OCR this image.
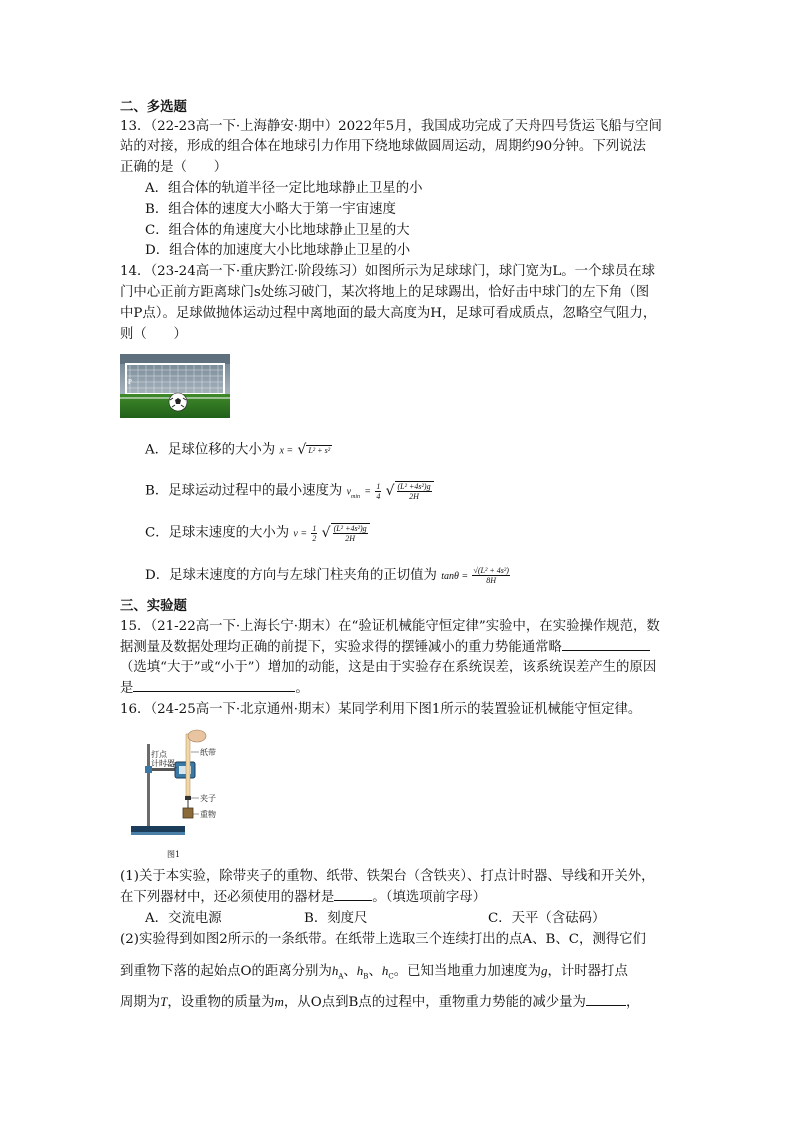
二、多选题
13．（22-23高一下·上海静安·期中）2022年5月，我国成功完成了天舟四号货运飞船与空间
站的对接，形成的组合体在地球引力作用下绕地球做圆周运动，周期约90分钟。下列说法
正确的是（　　）
A．组合体的轨道半径一定比地球静止卫星的小
B．组合体的速度大小略大于第一宇宙速度
C．组合体的角速度大小比地球静止卫星的大
D．组合体的加速度大小比地球静止卫星的小
14．（23-24高一下·重庆黔江·阶段练习）如图所示为足球球门，球门宽为L。一个球员在球
门中心正前方距离球门s处练习破门，某次将地上的足球踢出，恰好击中球门的左下角（图
中P点）。足球做抛体运动过程中离地面的最大高度为H，足球可看成质点，忽略空气阻力，
则（　　）
P
A．足球位移的大小为 x = √ L² + s²
B．足球运动过程中的最小速度为 $v_{min} = \frac{1}{4}$ √ $\frac{\text{(L² +4s²)g}}{2H}$
C．足球末速度的大小为 $v = \frac{1}{2}$ √ $\frac{\text{(L² +4s²)g}}{2H}$
D．足球末速度的方向与左球门柱夹角的正切值为 $\tan\theta = \frac{\text{√(L² + 4s²)}}{8H}$
三、实验题
15．（21-22高一下·上海长宁·期末）在“验证机械能守恒定律”实验中，在实验操作规范，数
据测量及数据处理均正确的前提下，实验求得的摆锤减小的重力势能通常略
（选填“大于”或“小于”）增加的动能，这是由于实验存在系统误差，该系统误差产生的原因
是	。
16．（24-25高一下·北京通州·期末）某同学利用下图1所示的装置验证机械能守恒定律。
打点
计时器
纸带
夹子
重物
图1
(1)关于本实验，除带夹子的重物、纸带、铁架台（含铁夹）、打点计时器、导线和开关外，
在下列器材中，还必须使用的器材是	。（填选项前字母）
A．交流电源	B．刻度尺	C．天平（含砝码）
(2)实验得到如图2所示的一条纸带。在纸带上选取三个连续打出的点A、B、C，测得它们
到重物下落的起始点O的距离分别为$h_A$、$h_B$、$h_C$。已知当地重力加速度为g，计时器打点
周期为T，设重物的质量为m，从O点到B点的过程中，重物重力势能的减少量为	，
